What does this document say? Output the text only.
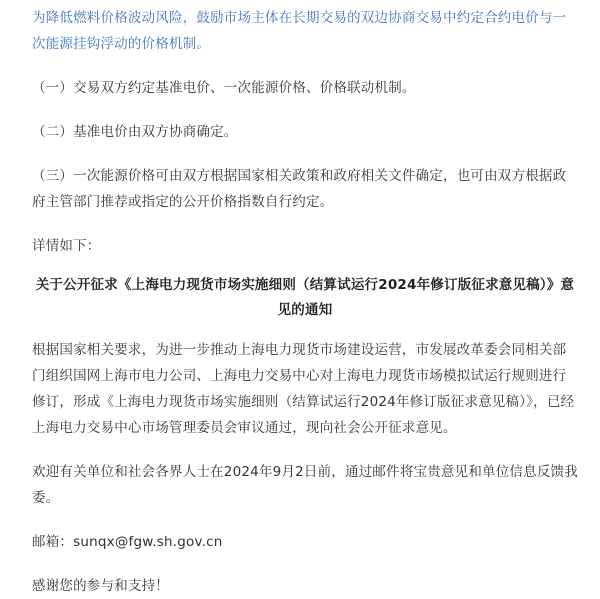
为降低燃料价格波动风险，鼓励市场主体在长期交易的双边协商交易中约定合约电价与一次能源挂钩浮动的价格机制。

（一）交易双方约定基准电价、一次能源价格、价格联动机制。

（二）基准电价由双方协商确定。

（三）一次能源价格可由双方根据国家相关政策和政府相关文件确定，也可由双方根据政府主管部门推荐或指定的公开价格指数自行约定。

详情如下：

关于公开征求《上海电力现货市场实施细则（结算试运行2024年修订版征求意见稿）》意见的通知

根据国家相关要求，为进一步推动上海电力现货市场建设运营，市发展改革委会同相关部门组织国网上海市电力公司、上海电力交易中心对上海电力现货市场模拟试运行规则进行修订，形成《上海电力现货市场实施细则（结算试运行2024年修订版征求意见稿）》，已经上海电力交易中心市场管理委员会审议通过，现向社会公开征求意见。

欢迎有关单位和社会各界人士在2024年9月2日前，通过邮件将宝贵意见和单位信息反馈我委。

邮箱：sunqx@fgw.sh.gov.cn

感谢您的参与和支持！
